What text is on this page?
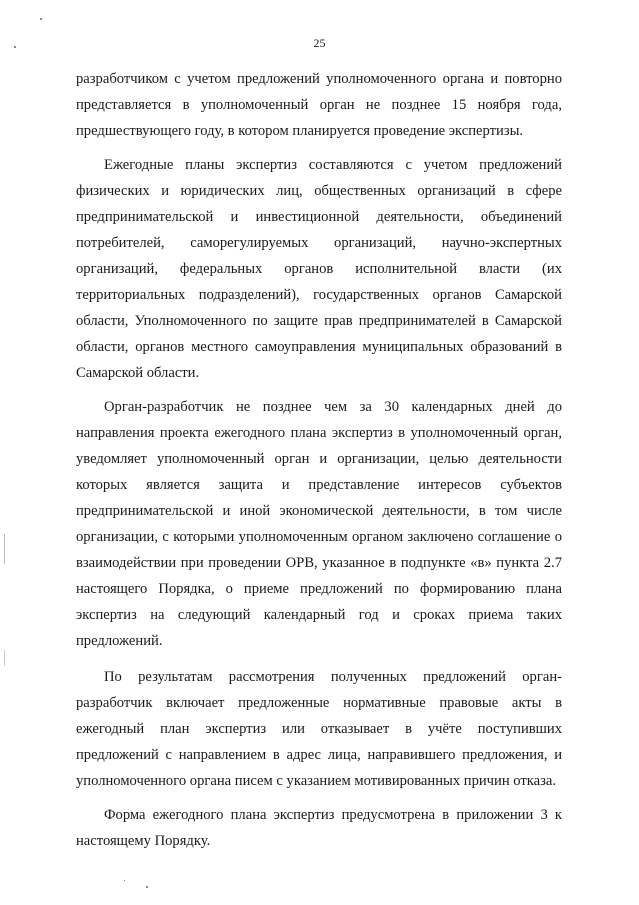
25

разработчиком с учетом предложений уполномоченного органа и повторно представляется в уполномоченный орган не позднее 15 ноября года, предшествующего году, в котором планируется проведение экспертизы.

Ежегодные планы экспертиз составляются с учетом предложений физических и юридических лиц, общественных организаций в сфере предпринимательской и инвестиционной деятельности, объединений потребителей, саморегулируемых организаций, научно-экспертных организаций, федеральных органов исполнительной власти (их территориальных подразделений), государственных органов Самарской области, Уполномоченного по защите прав предпринимателей в Самарской области, органов местного самоуправления муниципальных образований в Самарской области.

Орган-разработчик не позднее чем за 30 календарных дней до направления проекта ежегодного плана экспертиз в уполномоченный орган, уведомляет уполномоченный орган и организации, целью деятельности которых является защита и представление интересов субъектов предпринимательской и иной экономической деятельности, в том числе организации, с которыми уполномоченным органом заключено соглашение о взаимодействии при проведении ОРВ, указанное в подпункте «в» пункта 2.7 настоящего Порядка, о приеме предложений по формированию плана экспертиз на следующий календарный год и сроках приема таких предложений.

По результатам рассмотрения полученных предложений орган-разработчик включает предложенные нормативные правовые акты в ежегодный план экспертиз или отказывает в учёте поступивших предложений с направлением в адрес лица, направившего предложения, и уполномоченного органа писем с указанием мотивированных причин отказа.

Форма ежегодного плана экспертиз предусмотрена в приложении 3 к настоящему Порядку.
